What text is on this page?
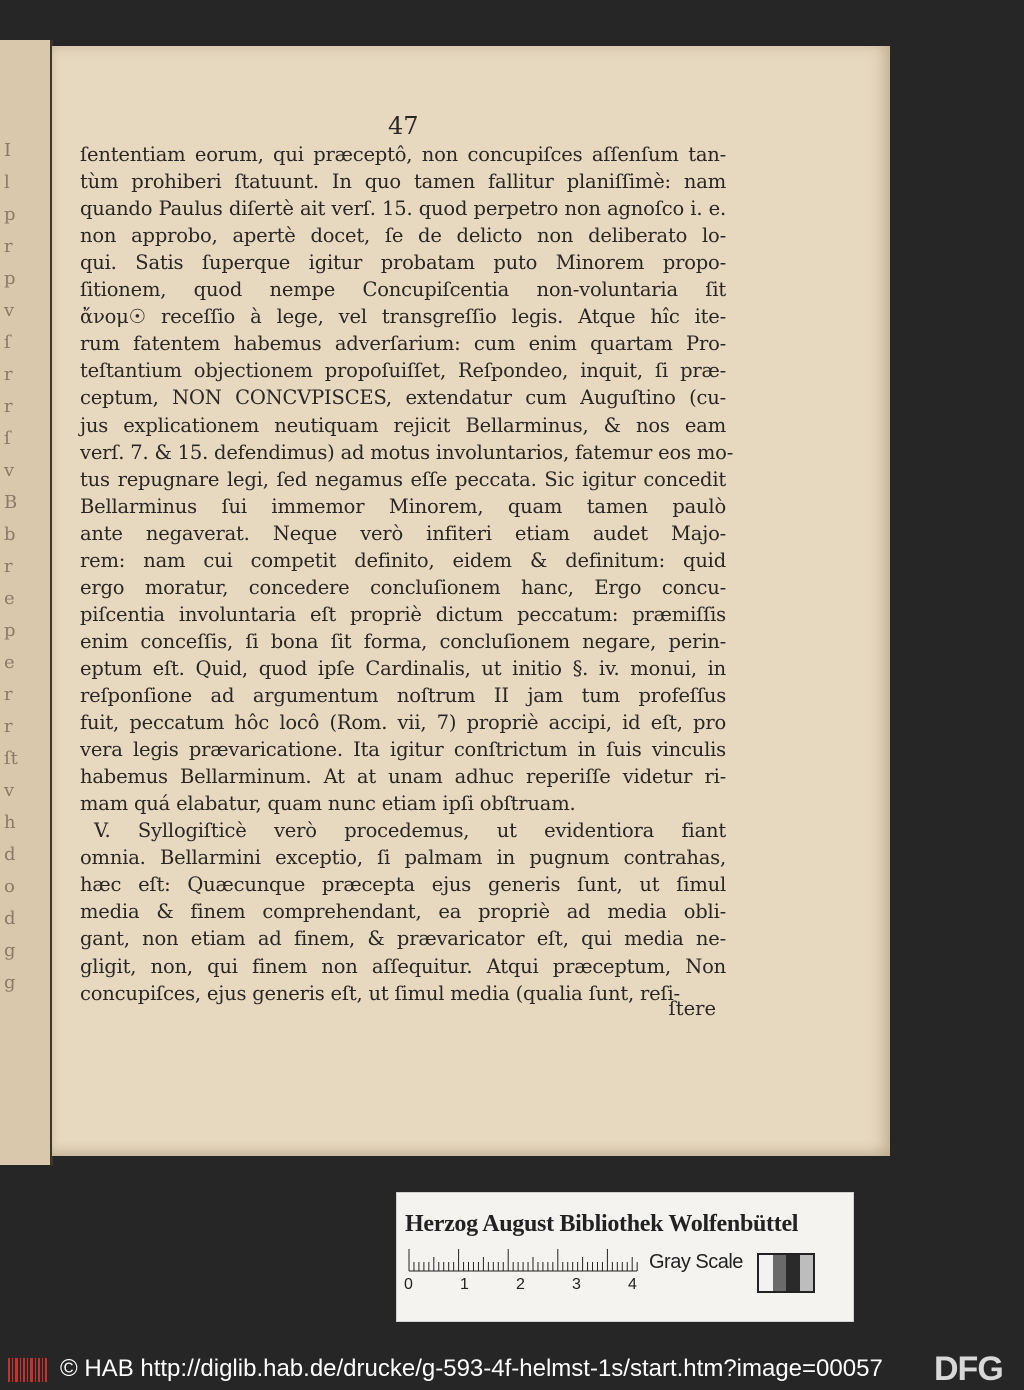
I
l
p
r
p
v
ſ
r
r
ſ
v
B
b
r
e
p
e
r
r
ſt
v
h
d
o
d
g
g
47
ſententiam eorum, qui præceptô, non concupiſces aſſenſum tan-
tùm prohiberi ſtatuunt. In quo tamen fallitur planiſſimè: nam
quando Paulus diſertè ait verſ. 15. quod perpetro non agnoſco i. e.
non approbo, apertè docet, ſe de delicto non deliberato lo-
qui. Satis ſuperque igitur probatam puto Minorem propo-
ſitionem, quod nempe Concupiſcentia non-voluntaria ſit
ἄνομ☉ receſſio à lege, vel transgreſſio legis. Atque hîc ite-
rum fatentem habemus adverſarium: cum enim quartam Pro-
teſtantium objectionem propoſuiſſet, Reſpondeo, inquit, ſi præ-
ceptum, NON CONCVPISCES, extendatur cum Auguſtino (cu-
jus explicationem neutiquam rejicit Bellarminus, & nos eam
verſ. 7. & 15. defendimus) ad motus involuntarios, fatemur eos mo-
tus repugnare legi, ſed negamus eſſe peccata. Sic igitur concedit
Bellarminus ſui immemor Minorem, quam tamen paulò
ante negaverat. Neque verò infiteri etiam audet Majo-
rem: nam cui competit definito, eidem & definitum: quid
ergo moratur, concedere concluſionem hanc, Ergo concu-
piſcentia involuntaria eſt propriè dictum peccatum: præmiſſis
enim conceſſis, ſi bona ſit forma, concluſionem negare, perin-
eptum eſt. Quid, quod ipſe Cardinalis, ut initio §. iv. monui, in
reſponſione ad argumentum noſtrum II jam tum profeſſus
fuit, peccatum hôc locô (Rom. vii, 7) propriè accipi, id eſt, pro
vera legis prævaricatione. Ita igitur conſtrictum in ſuis vinculis
habemus Bellarminum. At at unam adhuc reperiſſe videtur ri-
mam quá elabatur, quam nunc etiam ipſi obſtruam.
V. Syllogiſticè verò procedemus, ut evidentiora fiant
omnia. Bellarmini exceptio, ſi palmam in pugnum contrahas,
hæc eſt: Quæcunque præcepta ejus generis ſunt, ut ſimul
media & finem comprehendant, ea propriè ad media obli-
gant, non etiam ad finem, & prævaricator eſt, qui media ne-
gligit, non, qui finem non aſſequitur. Atqui præceptum, Non
concupiſces, ejus generis eſt, ut ſimul media (qualia ſunt, reſi-
ſtere
Herzog August Bibliothek Wolfenbüttel
0	1	2	3	4
Gray Scale
© HAB http://diglib.hab.de/drucke/g-593-4f-helmst-1s/start.htm?image=00057 DFG
